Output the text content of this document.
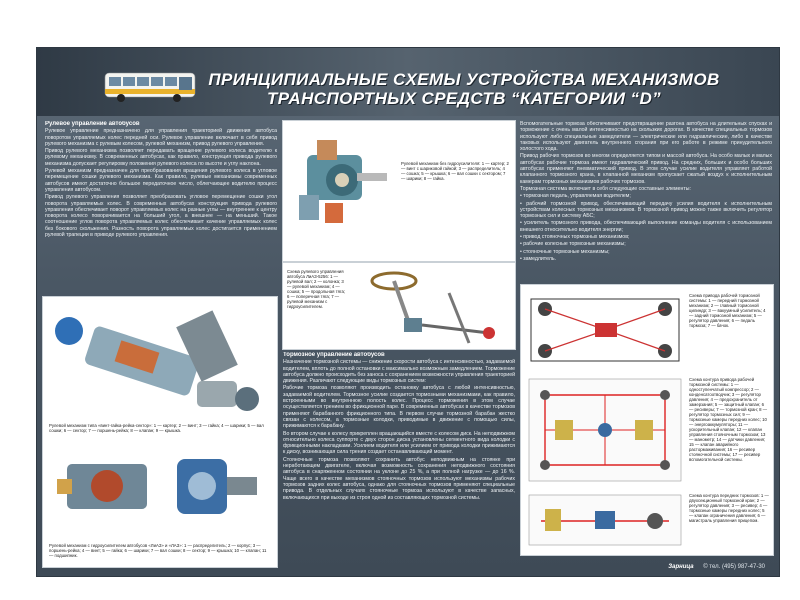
ПРИНЦИПИАЛЬНЫЕ СХЕМЫ УСТРОЙСТВА МЕХАНИЗМОВ
ТРАНСПОРТНЫХ СРЕДСТВ “КАТЕГОРИИ “D”
Рулевое управление автобусов

Рулевое управление предназначено для управления траекторией движения автобуса поворотом управляемых колес передней оси. Рулевое управление включает в себя привод рулевого механизма с рулевым колесом, рулевой механизм, привод рулевого управления.

Привод рулевого механизма позволяет передавать вращение рулевого колеса водителю к рулевому механизму. В современных автобусах, как правило, конструкция привода рулевого механизма допускает регулировку положения рулевого колеса по высоте и углу наклона.

Рулевой механизм предназначен для преобразования вращения рулевого колеса в угловое перемещение сошки рулевого механизма. Как правило, рулевые механизмы современных автобусов имеют достаточно большое передаточное число, облегчающее водителю процесс управления автобусом.

Привод рулевого управления позволяет преобразовать угловое перемещение сошки угол поворота управляемых колес. В современных автобусах конструкция привода рулевого управления обеспечивает поворот управляемых колес на разные углы — внутреннее к центру поворота колесо поворачивается на больший угол, а внешнее — на меньший. Такое соотношение углов поворота управляемых колес обеспечивает качение управляемых колес без бокового скольжения. Разность поворота управляемых колес достигается применением рулевой трапеции в приводе рулевого управления.

Рулевой механизм без гидроусилителя: 1 — картер; 2 — винт с шариковой гайкой; 3 — распределитель; 4 — сошка; 5 — крышка; 6 — вал сошки с сектором; 7 — шарики; 8 — гайка.
Схема рулевого управления автобуса ЛиАЗ-5256: 1 — рулевой вал; 2 — колонка; 3 — рулевой механизм; 4 — сошка; 5 — продольная тяга; 6 — поперечная тяга; 7 — рулевой механизм с гидроусилителем.
Рулевой механизм типа «винт-гайка-рейка-сектор»: 1 — картер; 2 — винт; 3 — гайка; 4 — шарики; 5 — вал сошки; 6 — сектор; 7 — поршень-рейка; 8 — клапан; 9 — крышка.
Рулевой механизм с гидроусилителем автобусов «ЛиАЗ» и «ЛАЗ»: 1 — распределитель; 2 — корпус; 3 — поршень-рейка; 4 — винт; 5 — гайка; 6 — шарики; 7 — вал сошки; 8 — сектор; 9 — крышка; 10 — клапан; 11 — подшипник.
Тормозное управление автобусов

Назначение тормозной системы — снижение скорости автобуса с интенсивностью, задаваемой водителем, вплоть до полной остановки с максимально возможным замедлением. Торможение автобуса должно происходить без заноса с сохранением возможности управления траекторией движения. Различают следующие виды тормозных систем:

Рабочие тормоза позволяют производить остановку автобуса с любой интенсивностью, задаваемой водителем. Тормозное усилие создается тормозными механизмами, как правило, встроенными во внутреннюю полость колес. Процесс торможения в этом случае осуществляется трением во фрикционной паре. В современных автобусах в качестве тормозов применяют барабанного фрикционного типа. В первом случае тормозной барабан жестко связан с колесом, а тормозные колодки, приводимые в движение с помощью силы, прижимаются к барабану.

Во втором случае к колесу прикреплен вращающийся вместе с колесом диск. На неподвижном относительно колеса суппорте с двух сторон диска установлены сегментного вида колодки с фрикционными накладками. Усилием водителя или усилием от привода колодки прижимаются к диску, возникающая сила трения создает останавливающий момент.

Стояночные тормоза позволяют сохранить автобус неподвижным на стоянке при неработающем двигателе, включая возможность сохранения неподвижного состояния автобуса в снаряженном состоянии на уклоне до 25 %, а при полной нагрузке — до 16 %. Чаще всего в качестве механизмов стояночных тормозов используют механизмы рабочих тормозов задних колес автобуса, однако для стояночных тормозов применяют специальные привода. В отдельных случаях стояночные тормоза используют в качестве запасных, включающихся при выходе из строя одной из составляющих тормозной системы.

Вспомогательные тормоза обеспечивают предотвращение разгона автобуса на длительных спусках и торможение с очень малой интенсивностью на скользких дорогах. В качестве специальных тормозов используют либо специальные замедлители — электрические или гидравлические, либо в качестве таковых используют двигатель внутреннего сгорания при его работе в режиме принудительного холостого хода.

Привод рабочих тормозов во многом определяется типом и массой автобуса. На особо малых и малых автобусах рабочие тормоза имеют гидравлический привод. На средних, больших и особо больших автобусах применяют пневматический привод. В этом случае усилие водителя управляет работой клапанного тормозного крана, в клапанной механизм пропускает сжатый воздух к исполнительным камерам тормозных механизмов рабочих тормозов.

Тормозная система включает в себя следующие составные элементы:

• тормозная педаль, управляемая водителем;
• рабочий тормозной привод, обеспечивающий передачу усилия водителя к исполнительным устройствам колесных тормозных механизмов. В тормозной привод можно также включить регулятор тормозных сил и систему АБС;
• усилитель тормозного привода, обеспечивающий выполнение команды водителя с использованием внешнего относительно водителя энергии;
• привод стояночных тормозных механизмов;
• рабочие колесные тормозные механизмы;
• стояночные тормозные механизмы;
• замедлитель.
Схема привода рабочей тормозной системы: 1 — передний тормозной механизм; 2 — главный тормозной цилиндр; 3 — вакуумный усилитель; 4 — задний тормозной механизм; 5 — регулятор давления; 6 — педаль тормоза; 7 — бачок.
Схема контура привода рабочей тормозной системы: 1 — одноступенчатый компрессор; 2 — конденсатоотводчик; 3 — регулятор давления; 4 — предохранитель от замерзания; 5 — защитный клапан; 6 — ресиверы; 7 — тормозной кран; 8 — регулятор тормозных сил; 9 — тормозные камеры передних колес; 10 — энергоаккумуляторы; 11 — ускорительный клапан; 12 — клапан управления стояночным тормозом; 13 — манометр; 14 — датчики давления; 15 — клапан аварийного растормаживания; 16 — ресивер стояночной системы; 17 — ресивер вспомогательной системы.
Схема контура передних тормозов: 1 — двухсекционный тормозной кран; 2 — регулятор давления; 3 — ресивер; 4 — тормозные камеры передних колес; 5 — клапан ограничения давления; 6 — магистраль управления прицепом.
Зарница © тел. (495) 987-47-30
